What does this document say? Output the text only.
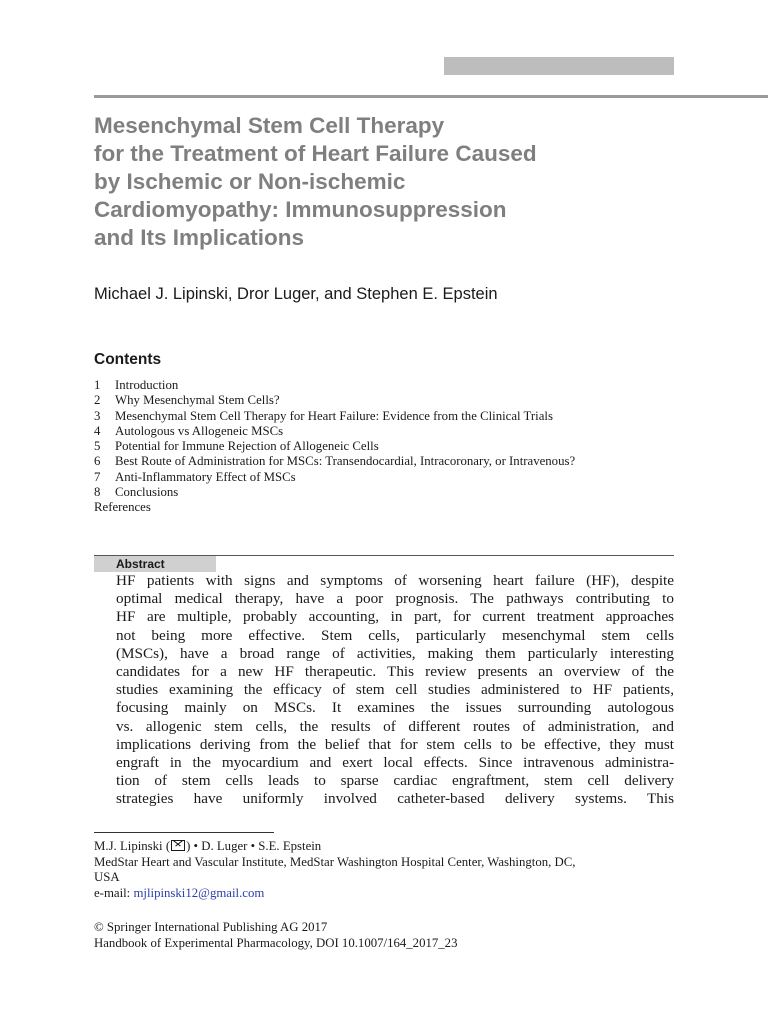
Mesenchymal Stem Cell Therapy
for the Treatment of Heart Failure Caused
by Ischemic or Non-ischemic
Cardiomyopathy: Immunosuppression
and Its Implications
Michael J. Lipinski, Dror Luger, and Stephen E. Epstein
Contents
1 Introduction
2 Why Mesenchymal Stem Cells?
3 Mesenchymal Stem Cell Therapy for Heart Failure: Evidence from the Clinical Trials
4 Autologous vs Allogeneic MSCs
5 Potential for Immune Rejection of Allogeneic Cells
6 Best Route of Administration for MSCs: Transendocardial, Intracoronary, or Intravenous?
7 Anti-Inflammatory Effect of MSCs
8 Conclusions
References
Abstract
HF patients with signs and symptoms of worsening heart failure (HF), despite
optimal medical therapy, have a poor prognosis. The pathways contributing to
HF are multiple, probably accounting, in part, for current treatment approaches
not being more effective. Stem cells, particularly mesenchymal stem cells
(MSCs), have a broad range of activities, making them particularly interesting
candidates for a new HF therapeutic. This review presents an overview of the
studies examining the efficacy of stem cell studies administered to HF patients,
focusing mainly on MSCs. It examines the issues surrounding autologous
vs. allogenic stem cells, the results of different routes of administration, and
implications deriving from the belief that for stem cells to be effective, they must
engraft in the myocardium and exert local effects. Since intravenous administra-
tion of stem cells leads to sparse cardiac engraftment, stem cell delivery
strategies have uniformly involved catheter-based delivery systems. This
M.J. Lipinski ( ) • D. Luger • S.E. Epstein
MedStar Heart and Vascular Institute, MedStar Washington Hospital Center, Washington, DC,
USA
e-mail: mjlipinski12@gmail.com
© Springer International Publishing AG 2017
Handbook of Experimental Pharmacology, DOI 10.1007/164_2017_23
